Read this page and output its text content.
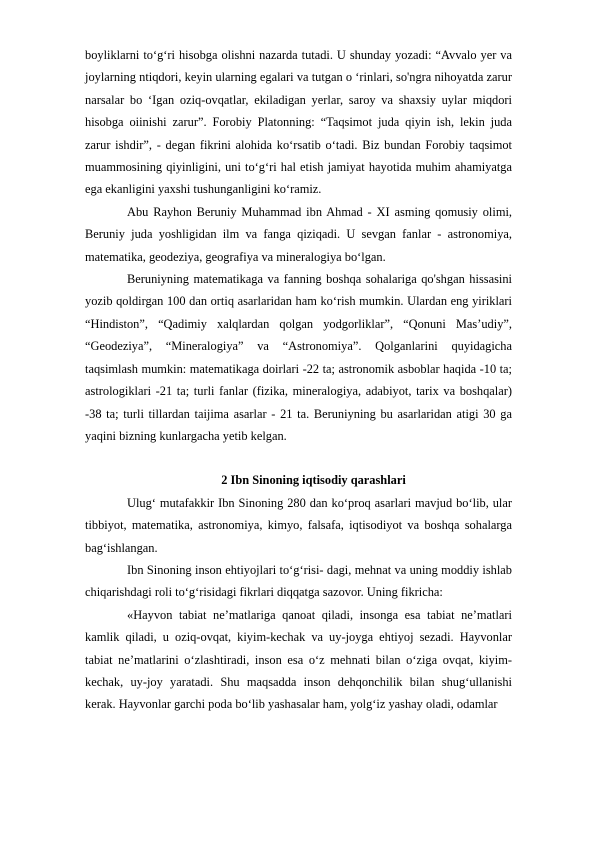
boyliklarni to‘g‘ri hisobga olishni nazarda tutadi. U shunday yozadi: “Avvalo yer va joylarning ntiqdori, keyin ularning egalari va tutgan o ‘rinlari, so'ngra nihoyatda zarur narsalar bo ‘Igan oziq-ovqatlar, ekiladigan yerlar, saroy va shaxsiy uylar miqdori hisobga oiinishi zarur”. Forobiy Platonning: “Taqsimot juda qiyin ish, lekin juda zarur ishdir”, - degan fikrini alohida ko‘rsatib o‘tadi. Biz bundan Forobiy taqsimot muammosining qiyinligini, uni to‘g‘ri hal etish jamiyat hayotida muhim ahamiyatga ega ekanligini yaxshi tushunganligini ko‘ramiz.

Abu Rayhon Beruniy Muhammad ibn Ahmad - XI asming qomusiy olimi, Beruniy juda yoshligidan ilm va fanga qiziqadi. U sevgan fanlar - astronomiya, matematika, geodeziya, geografiya va mineralogiya bo‘lgan.

Beruniyning matematikaga va fanning boshqa sohalariga qo'shgan hissasini yozib qoldirgan 100 dan ortiq asarlaridan ham ko‘rish mumkin. Ulardan eng yiriklari “Hindiston”, “Qadimiy xalqlardan qolgan yodgorliklar”, “Qonuni Mas’udiy”, “Geodeziya”, “Mineralogiya” va “Astronomiya”. Qolganlarini quyidagicha taqsimlash mumkin: matematikaga doirlari -22 ta; astronomik asboblar haqida -10 ta; astrologiklari -21 ta; turli fanlar (fizika, mineralogiya, adabiyot, tarix va boshqalar) -38 ta; turli tillardan taijima asarlar - 21 ta. Beruniyning bu asarlaridan atigi 30 ga yaqini bizning kunlargacha yetib kelgan.

2 Ibn Sinoning iqtisodiy qarashlari

Ulug‘ mutafakkir Ibn Sinoning 280 dan ko‘proq asarlari mavjud bo‘lib, ular tibbiyot, matematika, astronomiya, kimyo, falsafa, iqtisodiyot va boshqa sohalarga bag‘ishlangan.

Ibn Sinoning inson ehtiyojlari to‘g‘risi- dagi, mehnat va uning moddiy ishlab chiqarishdagi roli to‘g‘risidagi fikrlari diqqatga sazovor. Uning fikricha:

«Hayvon tabiat ne’matlariga qanoat qiladi, insonga esa tabiat ne’matlari kamlik qiladi, u oziq-ovqat, kiyim-kechak va uy-joyga ehtiyoj sezadi. Hayvonlar tabiat ne’matlarini o‘zlashtiradi, inson esa o‘z mehnati bilan o‘ziga ovqat, kiyim-kechak, uy-joy yaratadi. Shu maqsadda inson dehqonchilik bilan shug‘ullanishi kerak. Hayvonlar garchi poda bo‘lib yashasalar ham, yolg‘iz yashay oladi, odamlar
